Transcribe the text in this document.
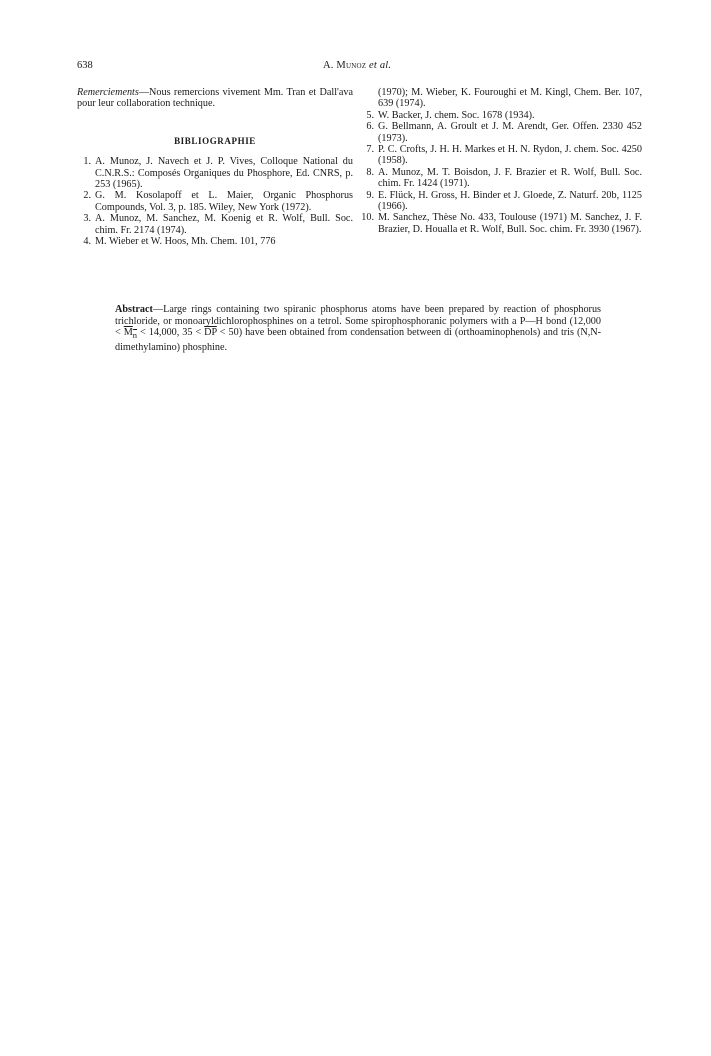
638	A. Munoz et al.

Remerciements—Nous remercions vivement Mm. Tran et Dall'ava pour leur collaboration technique.

BIBLIOGRAPHIE
1. A. Munoz, J. Navech et J. P. Vives, Colloque National du C.N.R.S.: Composés Organiques du Phosphore, Ed. CNRS, p. 253 (1965).
2. G. M. Kosolapoff et L. Maier, Organic Phosphorus Compounds, Vol. 3, p. 185. Wiley, New York (1972).
3. A. Munoz, M. Sanchez, M. Koenig et R. Wolf, Bull. Soc. chim. Fr. 2174 (1974).
4. M. Wieber et W. Hoos, Mh. Chem. 101, 776
(1970); M. Wieber, K. Fouroughi et M. Kingl, Chem. Ber. 107, 639 (1974).
5. W. Backer, J. chem. Soc. 1678 (1934).
6. G. Bellmann, A. Groult et J. M. Arendt, Ger. Offen. 2330 452 (1973).
7. P. C. Crofts, J. H. H. Markes et H. N. Rydon, J. chem. Soc. 4250 (1958).
8. A. Munoz, M. T. Boisdon, J. F. Brazier et R. Wolf, Bull. Soc. chim. Fr. 1424 (1971).
9. E. Flück, H. Gross, H. Binder et J. Gloede, Z. Naturf. 20b, 1125 (1966).
10. M. Sanchez, Thèse No. 433, Toulouse (1971) M. Sanchez, J. F. Brazier, D. Houalla et R. Wolf, Bull. Soc. chim. Fr. 3930 (1967).

Abstract—Large rings containing two spiranic phosphorus atoms have been prepared by reaction of phosphorus trichloride, or monoaryldichlorophosphines on a tetrol. Some spirophosphoranic polymers with a P—H bond ($12,000 < M_n < 14,000$, $35 < \overline{DP} < 50$) have been obtained from condensation between di (orthoaminophenols) and tris (N,N-dimethylamino) phosphine.
